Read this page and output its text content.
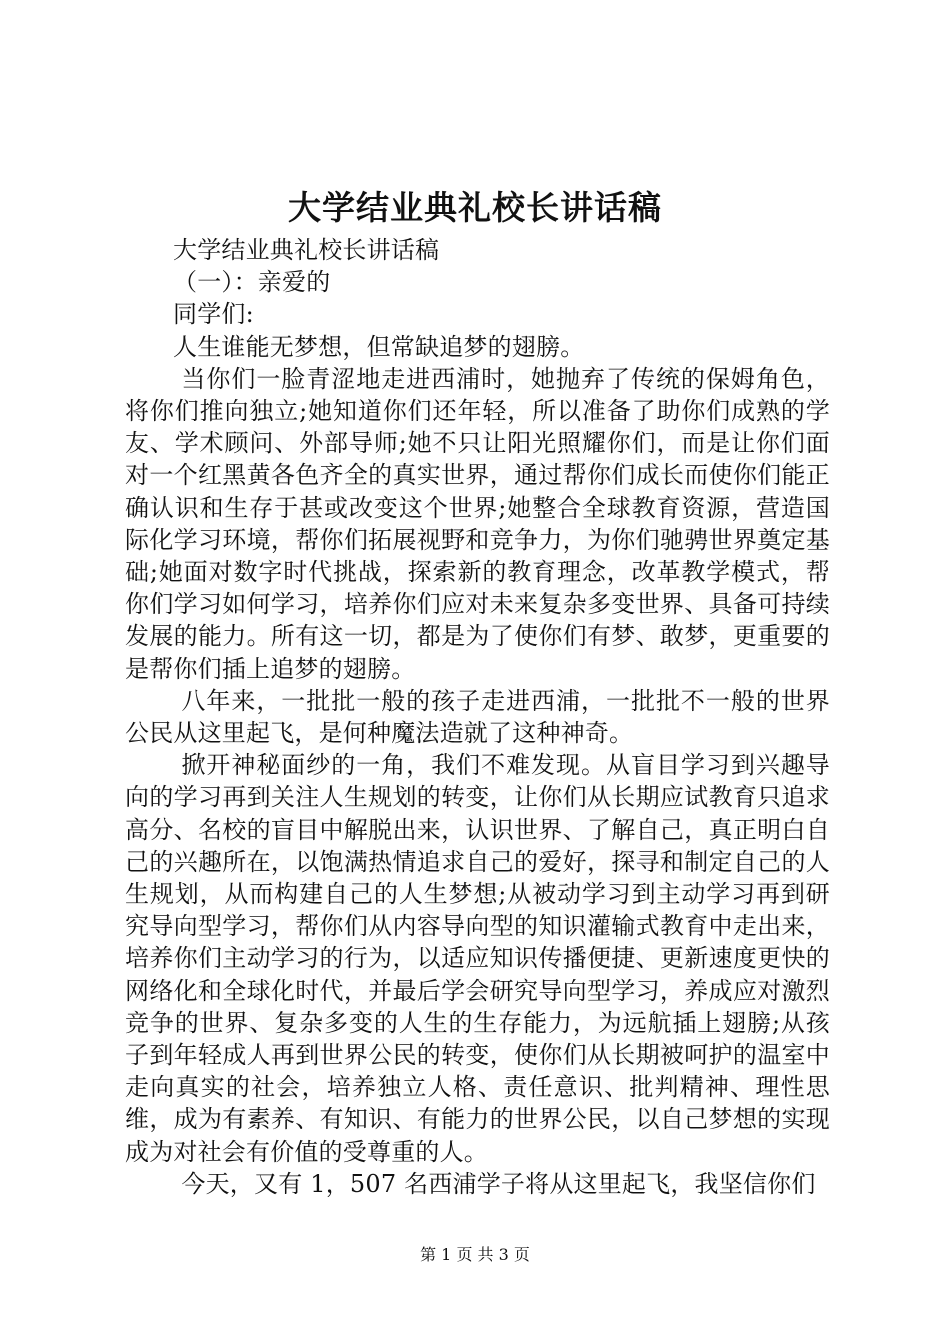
大学结业典礼校长讲话稿

大学结业典礼校长讲话稿

（一）：亲爱的

同学们:

人生谁能无梦想，但常缺追梦的翅膀。

当你们一脸青涩地走进西浦时，她抛弃了传统的保姆角色，将你们推向独立;她知道你们还年轻，所以准备了助你们成熟的学友、学术顾问、外部导师;她不只让阳光照耀你们，而是让你们面对一个红黑黄各色齐全的真实世界，通过帮你们成长而使你们能正确认识和生存于甚或改变这个世界;她整合全球教育资源，营造国际化学习环境，帮你们拓展视野和竞争力，为你们驰骋世界奠定基础;她面对数字时代挑战，探索新的教育理念，改革教学模式，帮你们学习如何学习，培养你们应对未来复杂多变世界、具备可持续发展的能力。所有这一切，都是为了使你们有梦、敢梦，更重要的是帮你们插上追梦的翅膀。

八年来，一批批一般的孩子走进西浦，一批批不一般的世界公民从这里起飞，是何种魔法造就了这种神奇。

掀开神秘面纱的一角，我们不难发现。从盲目学习到兴趣导向的学习再到关注人生规划的转变，让你们从长期应试教育只追求高分、名校的盲目中解脱出来，认识世界、了解自己，真正明白自己的兴趣所在，以饱满热情追求自己的爱好，探寻和制定自己的人生规划，从而构建自己的人生梦想;从被动学习到主动学习再到研究导向型学习，帮你们从内容导向型的知识灌输式教育中走出来，培养你们主动学习的行为，以适应知识传播便捷、更新速度更快的网络化和全球化时代，并最后学会研究导向型学习，养成应对激烈竞争的世界、复杂多变的人生的生存能力，为远航插上翅膀;从孩子到年轻成人再到世界公民的转变，使你们从长期被呵护的温室中走向真实的社会，培养独立人格、责任意识、批判精神、理性思维，成为有素养、有知识、有能力的世界公民，以自己梦想的实现成为对社会有价值的受尊重的人。

今天，又有 1，507 名西浦学子将从这里起飞，我坚信你们

第 1 页 共 3 页
